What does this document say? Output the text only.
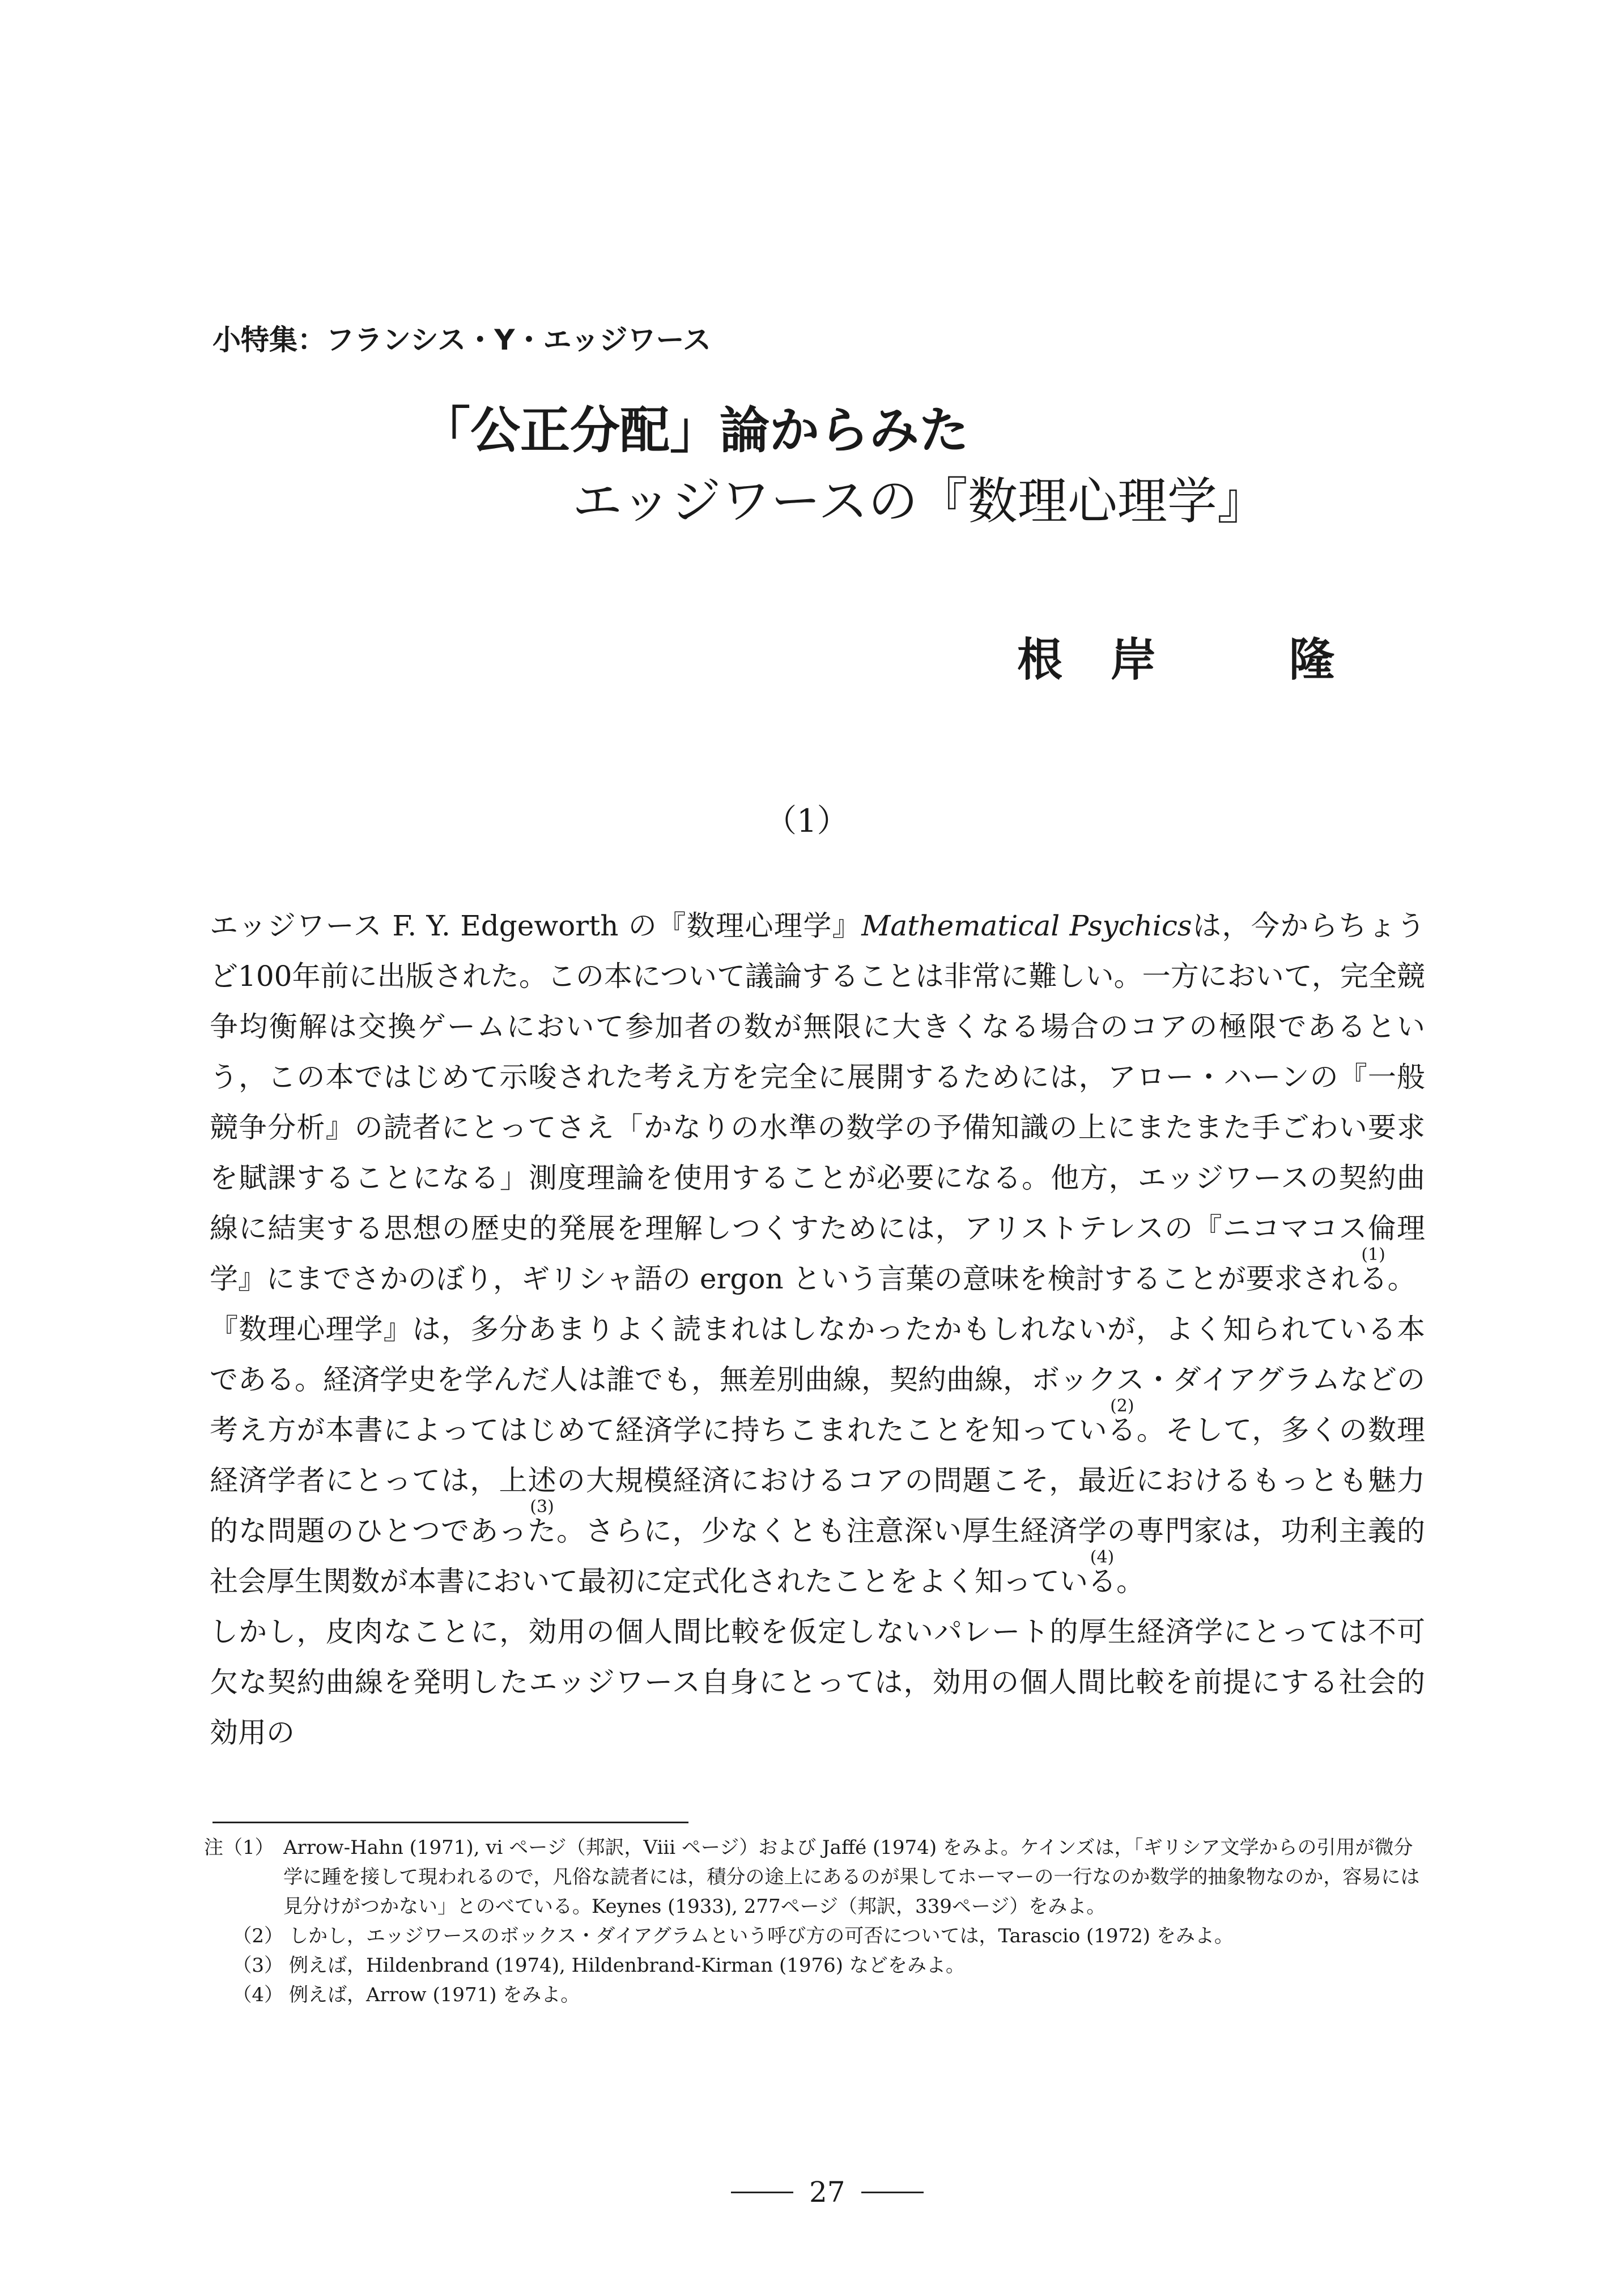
小特集：フランシス・Y・エッジワース
「公正分配」論からみた
エッジワースの『数理心理学』
根 岸	隆
（1）

エッジワース F. Y. Edgeworth の『数理心理学』Mathematical Psychicsは，今からちょうど100年前に出版された。この本について議論することは非常に難しい。一方において，完全競争均衡解は交換ゲームにおいて参加者の数が無限に大きくなる場合のコアの極限であるという，この本ではじめて示唆された考え方を完全に展開するためには，アロー・ハーンの『一般競争分析』の読者にとってさえ「かなりの水準の数学の予備知識の上にまたまた手ごわい要求を賦課することになる」測度理論を使用することが必要になる。他方，エッジワースの契約曲線に結実する思想の歴史的発展を理解しつくすためには，アリストテレスの『ニコマコス倫理学』にまでさかのぼり，ギリシャ語の ergon という言葉の意味を検討することが要求される
(1)
。

『数理心理学』は，多分あまりよく読まれはしなかったかもしれないが，よく知られている本である。経済学史を学んだ人は誰でも，無差別曲線，契約曲線，ボックス・ダイアグラムなどの考え方が本書によってはじめて経済学に持ちこまれたことを知っている
(2)
。そして，多くの数理経済学者にとっては，上述の大規模経済におけるコアの問題こそ，最近におけるもっとも魅力的な問題のひとつであった
(3)
。さらに，少なくとも注意深い厚生経済学の専門家は，功利主義的社会厚生関数が本書において最初に定式化されたことをよく知っている
(4)
。

しかし，皮肉なことに，効用の個人間比較を仮定しないパレート的厚生経済学にとっては不可欠な契約曲線を発明したエッジワース自身にとっては，効用の個人間比較を前提にする社会的効用の

注（1） Arrow-Hahn (1971), vi ページ（邦訳，Viii ページ）および Jaffé (1974) をみよ。ケインズは，「ギリシア文学からの引用が微分学に踵を接して現われるので，凡俗な読者には，積分の途上にあるのが果してホーマーの一行なのか数学的抽象物なのか，容易には見分けがつかない」とのべている。Keynes (1933), 277ページ（邦訳，339ページ）をみよ。
（2） しかし，エッジワースのボックス・ダイアグラムという呼び方の可否については，Tarascio (1972) をみよ。
（3） 例えば，Hildenbrand (1974), Hildenbrand-Kirman (1976) などをみよ。
（4） 例えば，Arrow (1971) をみよ。
27
